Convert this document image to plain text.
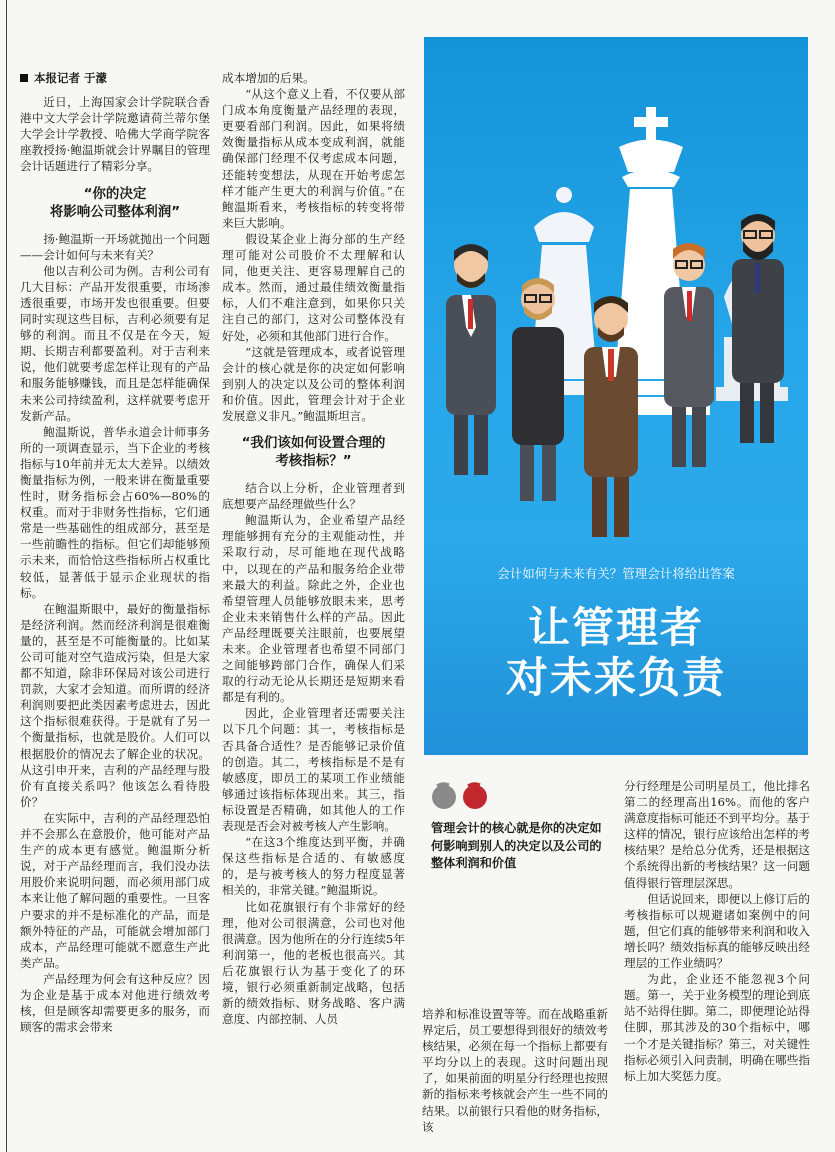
本报记者 于濛

近日，上海国家会计学院联合香港中文大学会计学院邀请荷兰蒂尔堡大学会计学教授、哈佛大学商学院客座教授扬·鲍温斯就会计界瞩目的管理会计话题进行了精彩分享。

“你的决定
将影响公司整体利润”

扬·鲍温斯一开场就抛出一个问题——会计如何与未来有关？

他以吉利公司为例。吉利公司有几大目标：产品开发很重要，市场渗透很重要，市场开发也很重要。但要同时实现这些目标，吉利必须要有足够的利润。而且不仅是在今天，短期、长期吉利都要盈利。对于吉利来说，他们就要考虑怎样让现有的产品和服务能够赚钱，而且是怎样能确保未来公司持续盈利，这样就要考虑开发新产品。

鲍温斯说，普华永道会计师事务所的一项调查显示，当下企业的考核指标与10年前并无太大差异。以绩效衡量指标为例，一般来讲在衡量重要性时，财务指标会占60%—80%的权重。而对于非财务性指标，它们通常是一些基础性的组成部分，甚至是一些前瞻性的指标。但它们却能够预示未来，而恰恰这些指标所占权重比较低，显著低于显示企业现状的指标。

在鲍温斯眼中，最好的衡量指标是经济利润。然而经济利润是很难衡量的，甚至是不可能衡量的。比如某公司可能对空气造成污染，但是大家都不知道，除非环保局对该公司进行罚款，大家才会知道。而所谓的经济利润则要把此类因素考虑进去，因此这个指标很难获得。于是就有了另一个衡量指标，也就是股价。人们可以根据股价的情况去了解企业的状况。从这引申开来，吉利的产品经理与股价有直接关系吗？他该怎么看待股价？

在实际中，吉利的产品经理恐怕并不会那么在意股价，他可能对产品生产的成本更有感觉。鲍温斯分析说，对于产品经理而言，我们没办法用股价来说明问题，而必须用部门成本来让他了解问题的重要性。一旦客户要求的并不是标准化的产品，而是额外特征的产品，可能就会增加部门成本，产品经理可能就不愿意生产此类产品。

产品经理为何会有这种反应？因为企业是基于成本对他进行绩效考核，但是顾客却需要更多的服务，而顾客的需求会带来

成本增加的后果。

“从这个意义上看，不仅要从部门成本角度衡量产品经理的表现，更要看部门利润。因此，如果将绩效衡量指标从成本变成利润，就能确保部门经理不仅考虑成本问题，还能转变想法，从现在开始考虑怎样才能产生更大的利润与价值。”在鲍温斯看来，考核指标的转变将带来巨大影响。

假设某企业上海分部的生产经理可能对公司股价不太理解和认同，他更关注、更容易理解自己的成本。然而，通过最佳绩效衡量指标，人们不难注意到，如果你只关注自己的部门，这对公司整体没有好处，必须和其他部门进行合作。

“这就是管理成本，或者说管理会计的核心就是你的决定如何影响到别人的决定以及公司的整体利润和价值。因此，管理会计对于企业发展意义非凡。”鲍温斯坦言。

“我们该如何设置合理的
考核指标？”

结合以上分析，企业管理者到底想要产品经理做些什么？

鲍温斯认为，企业希望产品经理能够拥有充分的主观能动性，并采取行动，尽可能地在现代战略中，以现在的产品和服务给企业带来最大的利益。除此之外，企业也希望管理人员能够放眼未来，思考企业未来销售什么样的产品。因此产品经理既要关注眼前，也要展望未来。企业管理者也希望不同部门之间能够跨部门合作，确保人们采取的行动无论从长期还是短期来看都是有利的。

因此，企业管理者还需要关注以下几个问题：其一，考核指标是否具备合适性？是否能够记录价值的创造。其二，考核指标是不是有敏感度，即员工的某项工作业绩能够通过该指标体现出来。其三，指标设置是否精确，如其他人的工作表现是否会对被考核人产生影响。

“在这3个维度达到平衡，并确保这些指标是合适的、有敏感度的，是与被考核人的努力程度显著相关的，非常关键。”鲍温斯说。

比如花旗银行有个非常好的经理，他对公司很满意，公司也对他很满意。因为他所在的分行连续5年利润第一，他的老板也很高兴。其后花旗银行认为基于变化了的环境，银行必须重新制定战略，包括新的绩效指标、财务战略、客户满意度、内部控制、人员

会计如何与未来有关？管理会计将给出答案
让管理者
对未来负责
管理会计的核心就是你的决定如何影响到别人的决定以及公司的整体利润和价值

培养和标准设置等等。而在战略重新界定后，员工要想得到很好的绩效考核结果，必须在每一个指标上都要有平均分以上的表现。这时问题出现了，如果前面的明星分行经理也按照新的指标来考核就会产生一些不同的结果。以前银行只看他的财务指标，该

分行经理是公司明星员工，他比排名第二的经理高出16%。而他的客户满意度指标可能还不到平均分。基于这样的情况，银行应该给出怎样的考核结果？是给总分优秀，还是根据这个系统得出新的考核结果？这一问题值得银行管理层深思。

但话说回来，即便以上修订后的考核指标可以规避诸如案例中的问题，但它们真的能够带来利润和收入增长吗？绩效指标真的能够反映出经理层的工作业绩吗？

为此，企业还不能忽视3个问题。第一，关于业务模型的理论到底站不站得住脚。第二，即便理论站得住脚，那其涉及的30个指标中，哪一个才是关键指标？第三，对关键性指标必须引入问责制，明确在哪些指标上加大奖惩力度。
